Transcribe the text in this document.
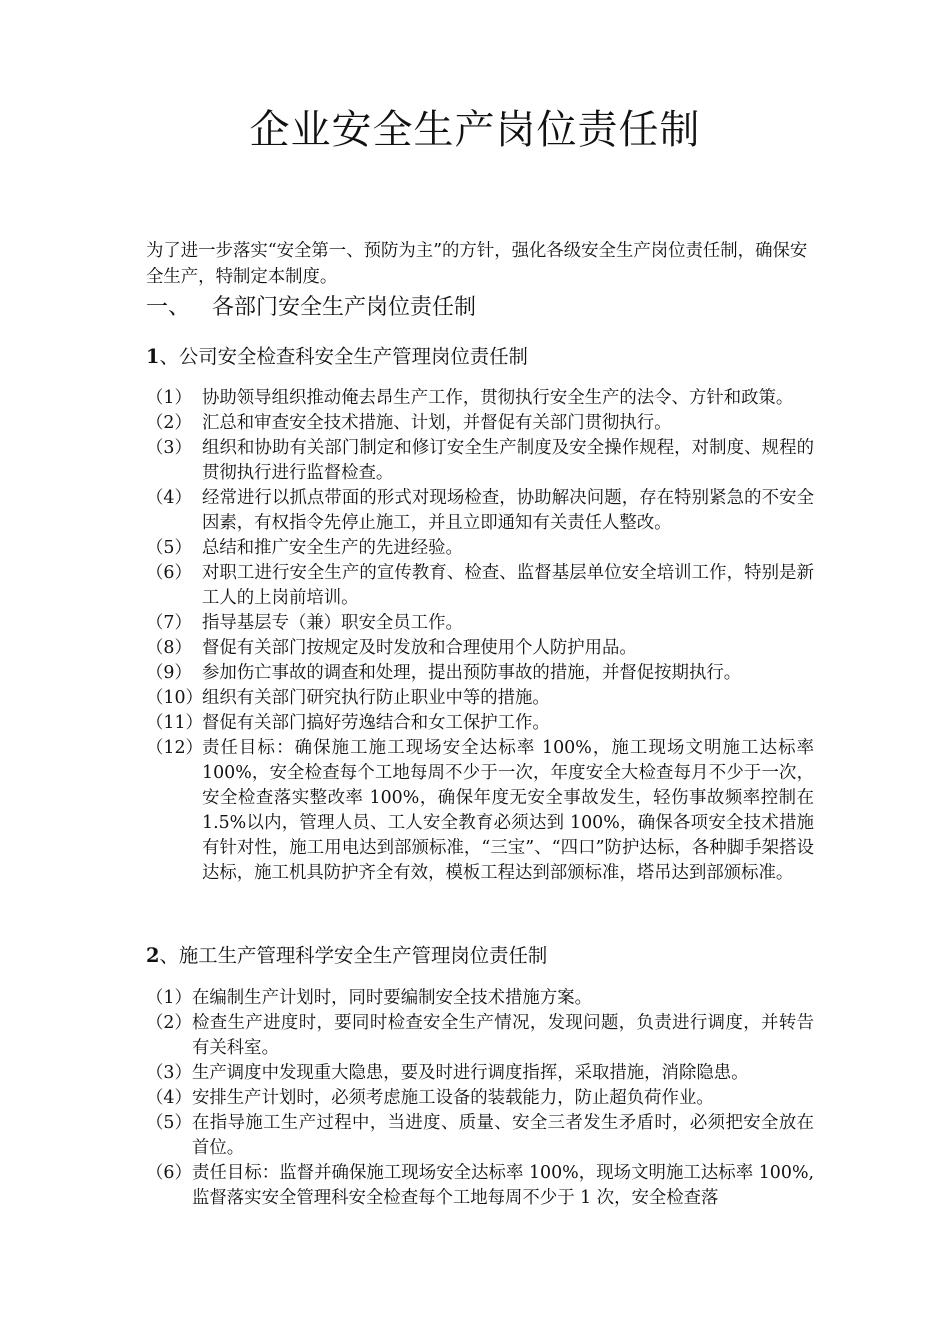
企业安全生产岗位责任制
为了进一步落实“安全第一、预防为主”的方针，强化各级安全生产岗位责任制，确保安全生产，特制定本制度。
一、 各部门安全生产岗位责任制
1、公司安全检查科安全生产管理岗位责任制
（1） 协助领导组织推动俺去昂生产工作，贯彻执行安全生产的法令、方针和政策。
（2） 汇总和审查安全技术措施、计划，并督促有关部门贯彻执行。
（3） 组织和协助有关部门制定和修订安全生产制度及安全操作规程，对制度、规程的贯彻执行进行监督检查。
（4） 经常进行以抓点带面的形式对现场检查，协助解决问题，存在特别紧急的不安全因素，有权指令先停止施工，并且立即通知有关责任人整改。
（5） 总结和推广安全生产的先进经验。
（6） 对职工进行安全生产的宣传教育、检查、监督基层单位安全培训工作，特别是新工人的上岗前培训。
（7） 指导基层专（兼）职安全员工作。
（8） 督促有关部门按规定及时发放和合理使用个人防护用品。
（9） 参加伤亡事故的调查和处理，提出预防事故的措施，并督促按期执行。
（10） 组织有关部门研究执行防止职业中等的措施。
（11） 督促有关部门搞好劳逸结合和女工保护工作。
（12） 责任目标：确保施工施工现场安全达标率 100%，施工现场文明施工达标率 100%，安全检查每个工地每周不少于一次，年度安全大检查每月不少于一次，安全检查落实整改率 100%，确保年度无安全事故发生，轻伤事故频率控制在 1.5%以内，管理人员、工人安全教育必须达到 100%，确保各项安全技术措施有针对性，施工用电达到部颁标准，“三宝”、“四口”防护达标，各种脚手架搭设达标，施工机具防护齐全有效，模板工程达到部颁标准，塔吊达到部颁标准。
2、施工生产管理科学安全生产管理岗位责任制
（1） 在编制生产计划时，同时要编制安全技术措施方案。
（2） 检查生产进度时，要同时检查安全生产情况，发现问题，负责进行调度，并转告有关科室。
（3） 生产调度中发现重大隐患，要及时进行调度指挥，采取措施，消除隐患。
（4） 安排生产计划时，必须考虑施工设备的装载能力，防止超负荷作业。
（5） 在指导施工生产过程中，当进度、质量、安全三者发生矛盾时，必须把安全放在首位。
（6） 责任目标：监督并确保施工现场安全达标率 100%，现场文明施工达标率 100%,监督落实安全管理科安全检查每个工地每周不少于 1 次，安全检查落
